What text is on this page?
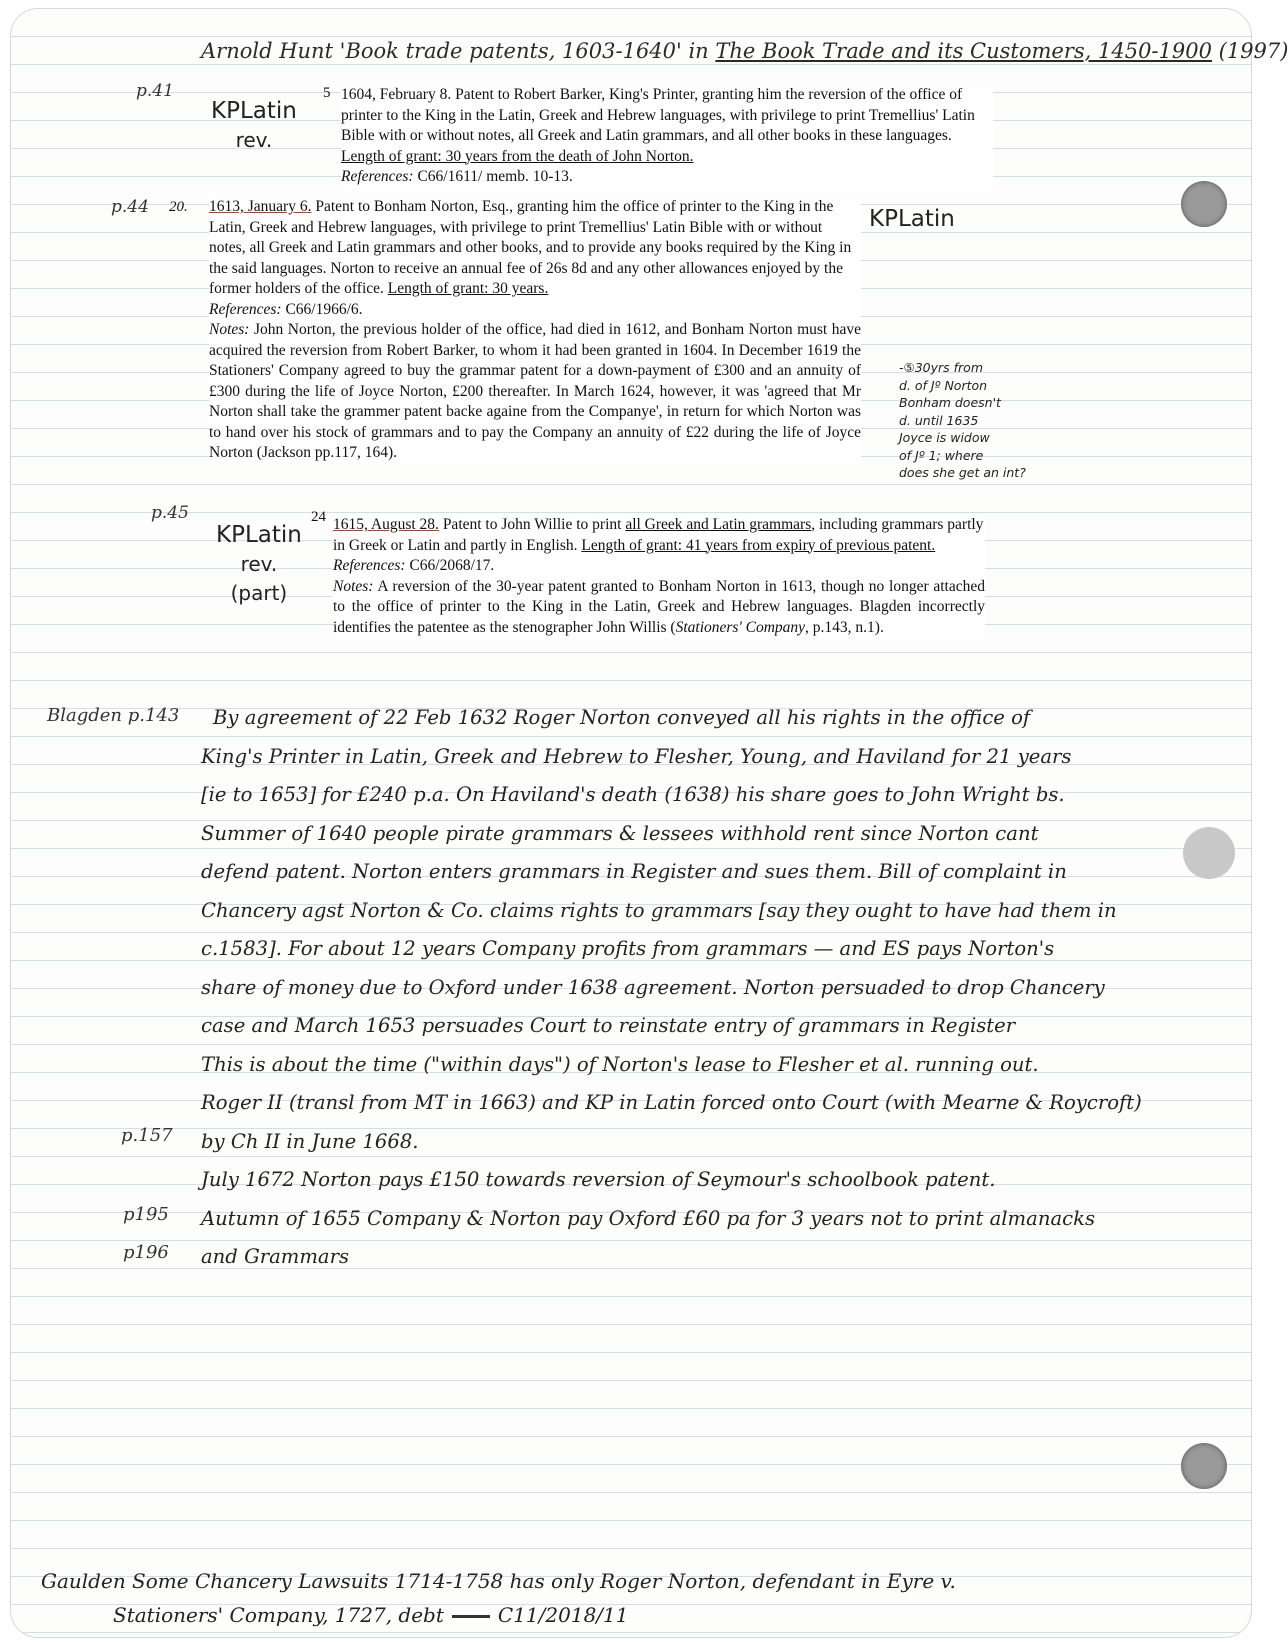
Arnold Hunt 'Book trade patents, 1603-1640' in The Book Trade and its Customers, 1450-1900 (1997)
p.41
KPLatin
rev.
5 1604, February 8. Patent to Robert Barker, King's Printer, granting him the reversion of the office of printer to the King in the Latin, Greek and Hebrew languages, with privilege to print Tremellius' Latin Bible with or without notes, all Greek and Latin grammars, and all other books in these languages. Length of grant: 30 years from the death of John Norton.

References: C66/1611/ memb. 10-13.

p.44 20.	KPLatin

1613, January 6. Patent to Bonham Norton, Esq., granting him the office of printer to the King in the Latin, Greek and Hebrew languages, with privilege to print Tremellius' Latin Bible with or without notes, all Greek and Latin grammars and other books, and to provide any books required by the King in the said languages. Norton to receive an annual fee of 26s 8d and any other allowances enjoyed by the former holders of the office. Length of grant: 30 years.

References: C66/1966/6.

Notes: John Norton, the previous holder of the office, had died in 1612, and Bonham Norton must have acquired the reversion from Robert Barker, to whom it had been granted in 1604. In December 1619 the Stationers' Company agreed to buy the grammar patent for a down-payment of £300 and an annuity of £300 during the life of Joyce Norton, £200 thereafter. In March 1624, however, it was 'agreed that Mr Norton shall take the grammer patent backe againe from the Companye', in return for which Norton was to hand over his stock of grammars and to pay the Company an annuity of £22 during the life of Joyce Norton (Jackson pp.117, 164).

-⑤30yrs from
d. of Jº Norton
Bonham doesn't
d. until 1635
Joyce is widow
of Jº 1; where
does she get an int?
p.45
KPLatin
rev.
(part)
24 1615, August 28. Patent to John Willie to print all Greek and Latin grammars, including grammars partly in Greek or Latin and partly in English. Length of grant: 41 years from expiry of previous patent.

References: C66/2068/17.

Notes: A reversion of the 30-year patent granted to Bonham Norton in 1613, though no longer attached to the office of printer to the King in the Latin, Greek and Hebrew languages. Blagden incorrectly identifies the patentee as the stenographer John Willis (Stationers' Company, p.143, n.1).

Blagden p.143	By agreement of 22 Feb 1632 Roger Norton conveyed all his rights in the office of

King's Printer in Latin, Greek and Hebrew to Flesher, Young, and Haviland for 21 years

[ie to 1653] for £240 p.a. On Haviland's death (1638) his share goes to John Wright bs.

Summer of 1640 people pirate grammars & lessees withhold rent since Norton cant

defend patent. Norton enters grammars in Register and sues them. Bill of complaint in

Chancery agst Norton & Co. claims rights to grammars [say they ought to have had them in

c.1583]. For about 12 years Company profits from grammars — and ES pays Norton's

share of money due to Oxford under 1638 agreement. Norton persuaded to drop Chancery

case and March 1653 persuades Court to reinstate entry of grammars in Register

This is about the time ("within days") of Norton's lease to Flesher et al. running out.

Roger II (transl from MT in 1663) and KP in Latin forced onto Court (with Mearne & Roycroft)

by Ch II in June 1668.

July 1672 Norton pays £150 towards reversion of Seymour's schoolbook patent.

Autumn of 1655 Company & Norton pay Oxford £60 pa for 3 years not to print almanacks

and Grammars

p.157
p195
p196
Gaulden Some Chancery Lawsuits 1714-1758 has only Roger Norton, defendant in Eyre v.
Stationers' Company, 1727, debt	C11/2018/11
